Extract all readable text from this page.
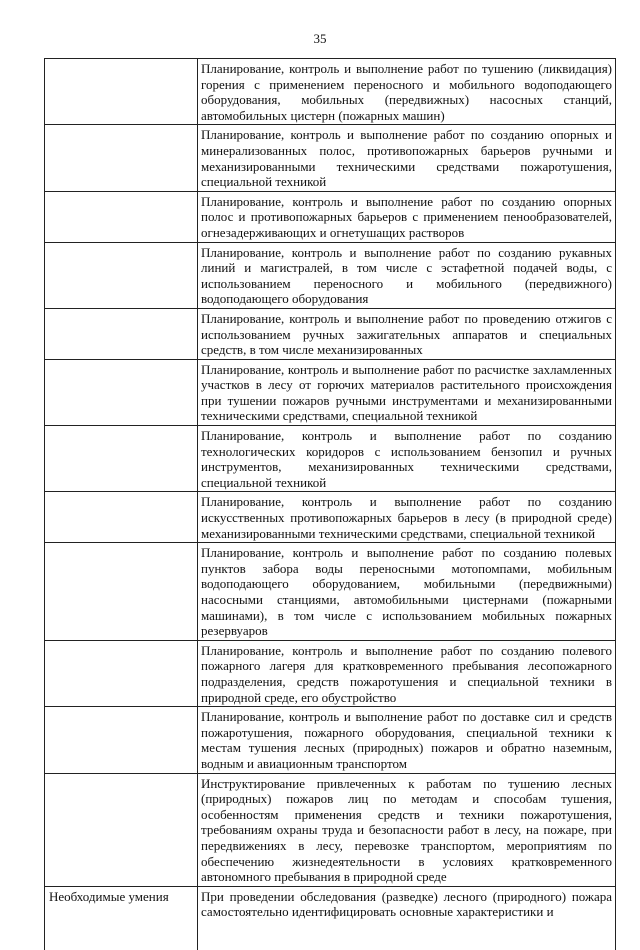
35
	Планирование, контроль и выполнение работ по тушению (ликвидация) горения с применением переносного и мобильного водоподающего оборудования, мобильных (передвижных) насосных станций, автомобильных цистерн (пожарных машин)
	Планирование, контроль и выполнение работ по созданию опорных и минерализованных полос, противопожарных барьеров ручными и механизированными техническими средствами пожаротушения, специальной техникой
	Планирование, контроль и выполнение работ по созданию опорных полос и противопожарных барьеров с применением пенообразователей, огнезадерживающих и огнетушащих растворов
	Планирование, контроль и выполнение работ по созданию рукавных линий и магистралей, в том числе с эстафетной подачей воды, с использованием переносного и мобильного (передвижного) водоподающего оборудования
	Планирование, контроль и выполнение работ по проведению отжигов с использованием ручных зажигательных аппаратов и специальных средств, в том числе механизированных
	Планирование, контроль и выполнение работ по расчистке захламленных участков в лесу от горючих материалов растительного происхождения при тушении пожаров ручными инструментами и механизированными техническими средствами, специальной техникой
	Планирование, контроль и выполнение работ по созданию технологических коридоров с использованием бензопил и ручных инструментов, механизированных техническими средствами, специальной техникой
	Планирование, контроль и выполнение работ по созданию искусственных противопожарных барьеров в лесу (в природной среде) механизированными техническими средствами, специальной техникой
	Планирование, контроль и выполнение работ по созданию полевых пунктов забора воды переносными мотопомпами, мобильным водоподающего оборудованием, мобильными (передвижными) насосными станциями, автомобильными цистернами (пожарными машинами), в том числе с использованием мобильных пожарных резервуаров
	Планирование, контроль и выполнение работ по созданию полевого пожарного лагеря для кратковременного пребывания лесопожарного подразделения, средств пожаротушения и специальной техники в природной среде, его обустройство
	Планирование, контроль и выполнение работ по доставке сил и средств пожаротушения, пожарного оборудования, специальной техники к местам тушения лесных (природных) пожаров и обратно наземным, водным и авиационным транспортом
	Инструктирование привлеченных к работам по тушению лесных (природных) пожаров лиц по методам и способам тушения, особенностям применения средств и техники пожаротушения, требованиям охраны труда и безопасности работ в лесу, на пожаре, при передвижениях в лесу, перевозке транспортом, мероприятиям по обеспечению жизнедеятельности в условиях кратковременного автономного пребывания в природной среде
Необходимые умения	При проведении обследования (разведке) лесного (природного) пожара самостоятельно идентифицировать основные характеристики и
